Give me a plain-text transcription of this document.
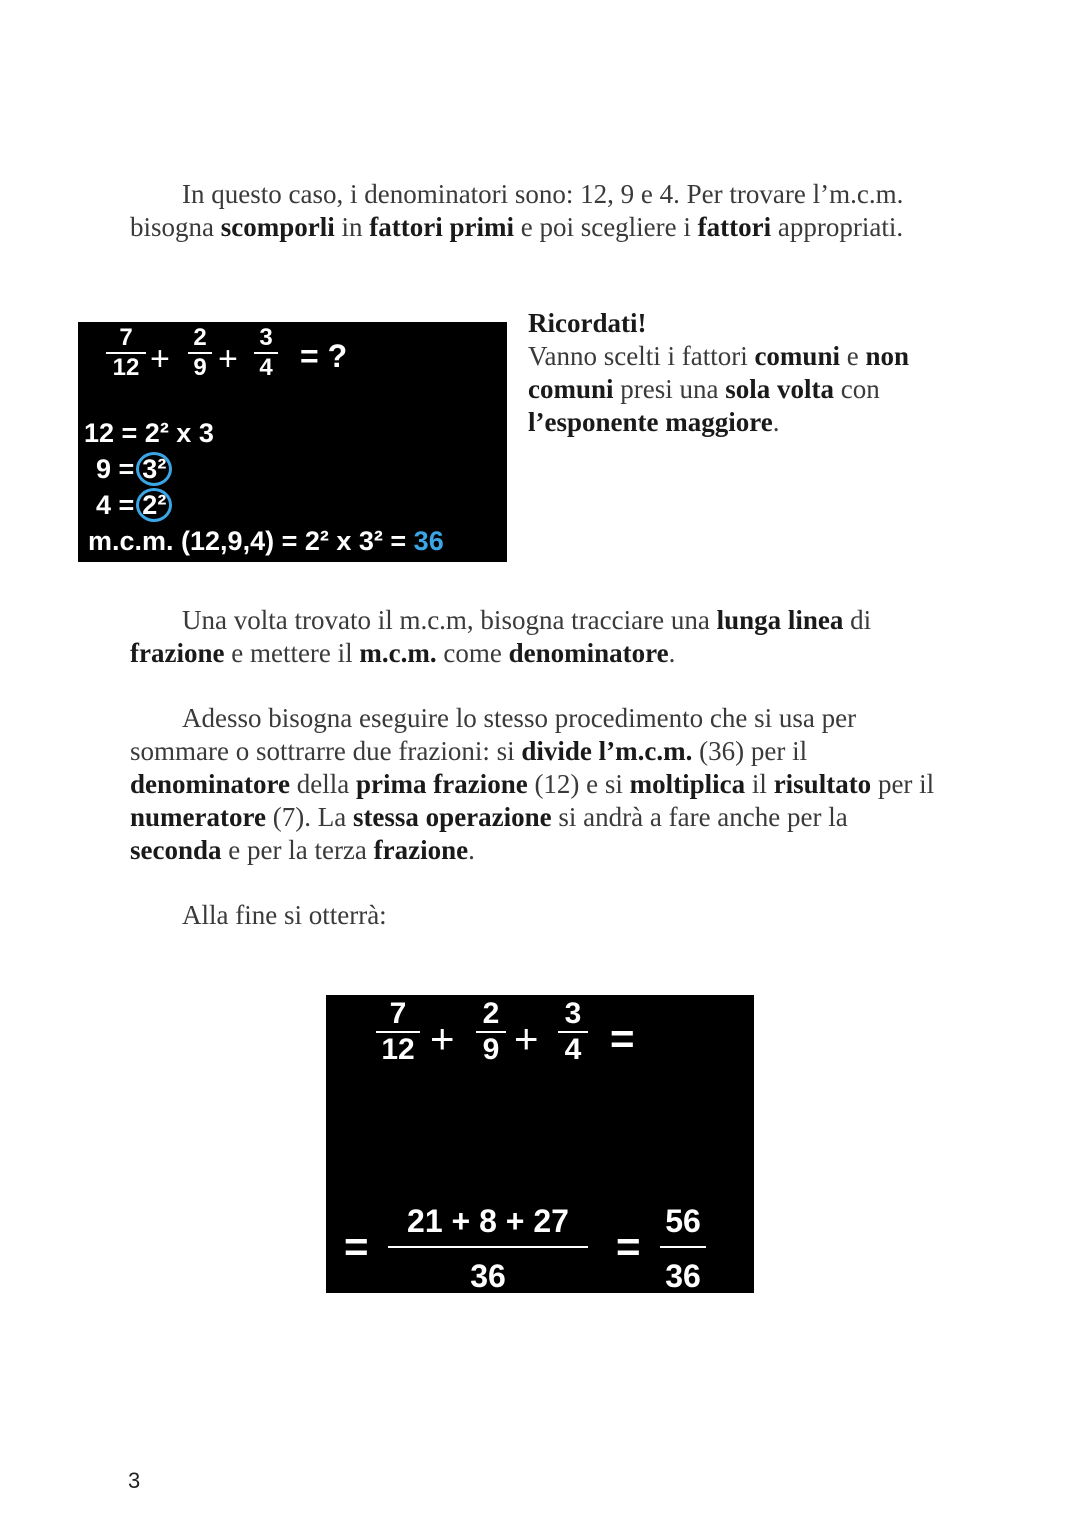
In questo caso, i denominatori sono: 12, 9 e 4. Per trovare l’m.c.m. bisogna scomporli in fattori primi e poi scegliere i fattori appropriati.

7
12 +
2
9 +
3
4 = ?
12 = 2² x 3
9 = 3²
4 = 2²
m.c.m. (12,9,4) = 2² x 3² = 36
Ricordati!
Vanno scelti i fattori comuni e non comuni presi una sola volta con l’esponente maggiore.

Una volta trovato il m.c.m, bisogna tracciare una lunga linea di frazione e mettere il m.c.m. come denominatore.

Adesso bisogna eseguire lo stesso procedimento che si usa per sommare o sottrarre due frazioni: si divide l’m.c.m. (36) per il denominatore della prima frazione (12) e si moltiplica il risultato per il numeratore (7). La stessa operazione si andrà a fare anche per la seconda e per la terza frazione.

Alla fine si otterrà:

7
12 +
2
9 +
3
4 =
=
21 + 8 + 27
36
=
56
36
3
